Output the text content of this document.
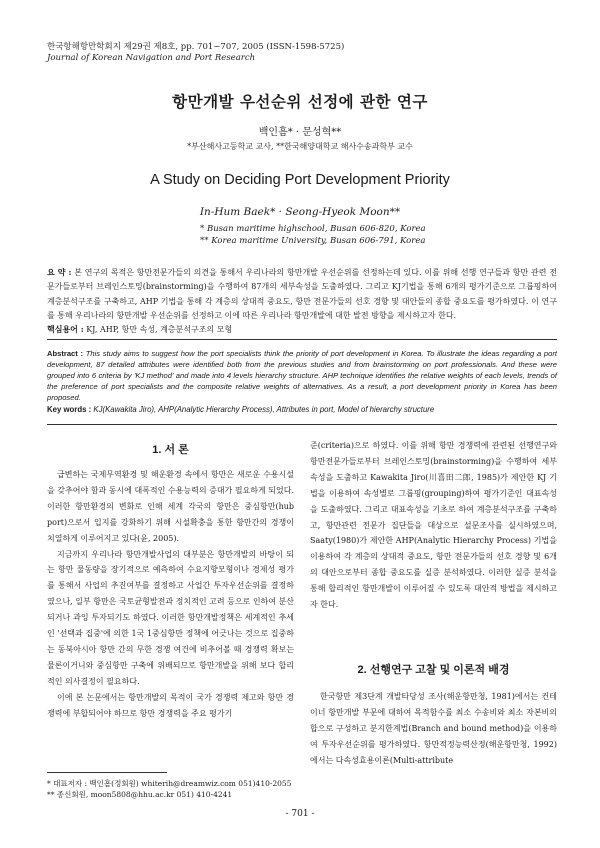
한국항해항만학회지 제29권 제8호, pp. 701~707, 2005 (ISSN-1598-5725)
Journal of Korean Navigation and Port Research
항만개발 우선순위 선정에 관한 연구
백인흠* · 문성혁**
*부산해사고등학교 교사, **한국해양대학교 해사수송과학부 교수
A Study on Deciding Port Development Priority
In-Hum Baek* · Seong-Hyeok Moon**
* Busan maritime highschool, Busan 606-820, Korea
** Korea maritime University, Busan 606-791, Korea
요 약 : 본 연구의 목적은 항만전문가들의 의견을 통해서 우리나라의 항만개발 우선순위를 선정하는데 있다. 이를 위해 선행 연구들과 항만 관련 전문가들로부터 브레인스토밍(brainstorming)을 수행하여 87개의 세부속성을 도출하였다. 그리고 KJ기법을 통해 6개의 평가기준으로 그룹핑하여 계층분석구조를 구축하고, AHP 기법을 통해 각 계층의 상대적 중요도, 항만 전문가들의 선호 경향 및 대안들의 종합 중요도를 평가하였다. 이 연구를 통해 우리나라의 항만개발 우선순위를 선정하고 이에 따른 우리나라 항만개발에 대한 발전 방향을 제시하고자 한다.
핵심용어 : KJ, AHP, 항만 속성, 계층분석구조의 모형
Abstract : This study aims to suggest how the port specialists think the priority of port development in Korea. To illustrate the ideas regarding a port development, 87 detailed attributes were identified both from the previous studies and from brainstorming on port professionals. And these were grouped into 6 criteria by 'KJ method' and made into 4 levels hierarchy structure. AHP technique identifies the relative weights of each levels, trends of the preference of port specialists and the composite relative weights of alternatives. As a result, a port development priority in Korea has been proposed.
Key words : KJ(Kawakita Jiro), AHP(Analytic Hierarchy Process), Attributes in port, Model of hierarchy structure
1. 서 론

급변하는 국제무역환경 및 해운환경 속에서 항만은 새로운 수용시설을 갖추어야 함과 동시에 대폭적인 수용능력의 증대가 필요하게 되었다. 이러한 항만환경의 변화로 인해 세계 각국의 항만은 중심항만(hub port)으로서 입지를 강화하기 위해 시설확충을 통한 항만간의 경쟁이 치열하게 이루어지고 있다(윤, 2005).

지금까지 우리나라 항만개발사업의 대부분은 항만개발의 바탕이 되는 항만 물동량을 장기적으로 예측하여 수요지향모형이나 경제성 평가를 통해서 사업의 추진여부를 결정하고 사업간 투자우선순위를 결정하였으나, 일부 항만은 국토균형발전과 정치적인 고려 등으로 인하여 분산되거나 과잉 투자되기도 하였다. 이러한 항만개발정책은 세계적인 추세인 '선택과 집중'에 의한 1국 1중심항만 정책에 어긋나는 것으로 집중하는 동북아시아 항만 간의 무한 경쟁 여건에 비추어볼 때 경쟁력 확보는 물론이거니와 중심항만 구축에 위배되므로 항만개발을 위해 보다 합리적인 의사결정이 필요하다.

이에 본 논문에서는 항만개발의 목적이 국가 경쟁력 제고와 항만 경쟁력에 부합되어야 하므로 항만 경쟁력을 주요 평가기

준(criteria)으로 하였다. 이를 위해 항만 경쟁력에 관련된 선행연구와 항만전문가들로부터 브레인스토밍(brainstorming)을 수행하여 세부속성을 도출하고 Kawakita Jiro(川喜田二郎, 1985)가 제안한 KJ 기법을 이용하여 속성별로 그룹핑(grouping)하여 평가기준인 대표속성을 도출하였다. 그리고 대표속성을 기초로 하여 계층분석구조를 구축하고, 항만관련 전문가 집단들을 대상으로 설문조사를 실시하였으며, Saaty(1980)가 제안한 AHP(Analytic Hierarchy Process) 기법을 이용하여 각 계층의 상대적 중요도, 항만 전문가들의 선호 경향 및 6개의 대안으로부터 종합 중요도를 실증 분석하였다. 이러한 실증 분석을 통해 합리적인 항만개발이 이루어질 수 있도록 대안적 방법을 제시하고자 한다.

2. 선행연구 고찰 및 이론적 배경

한국항만 제3단계 개발타당성 조사(해운항만청, 1981)에서는 컨테이너 항만개발 부문에 대하여 목적함수를 최소 수송비와 최소 자본비의 합으로 구성하고 분지한계법(Branch and bound method)을 이용하여 투자우선순위를 평가하였다. 항만적정능력산정(해운항만청, 1992)에서는 다속성효용이론(Multi-attribute

* 대표저자 : 백인흠(정회원) whiterih@dreamwiz.com 051)410-2055
** 종신회원, moon5808@hhu.ac.kr 051) 410-4241
- 701 -
